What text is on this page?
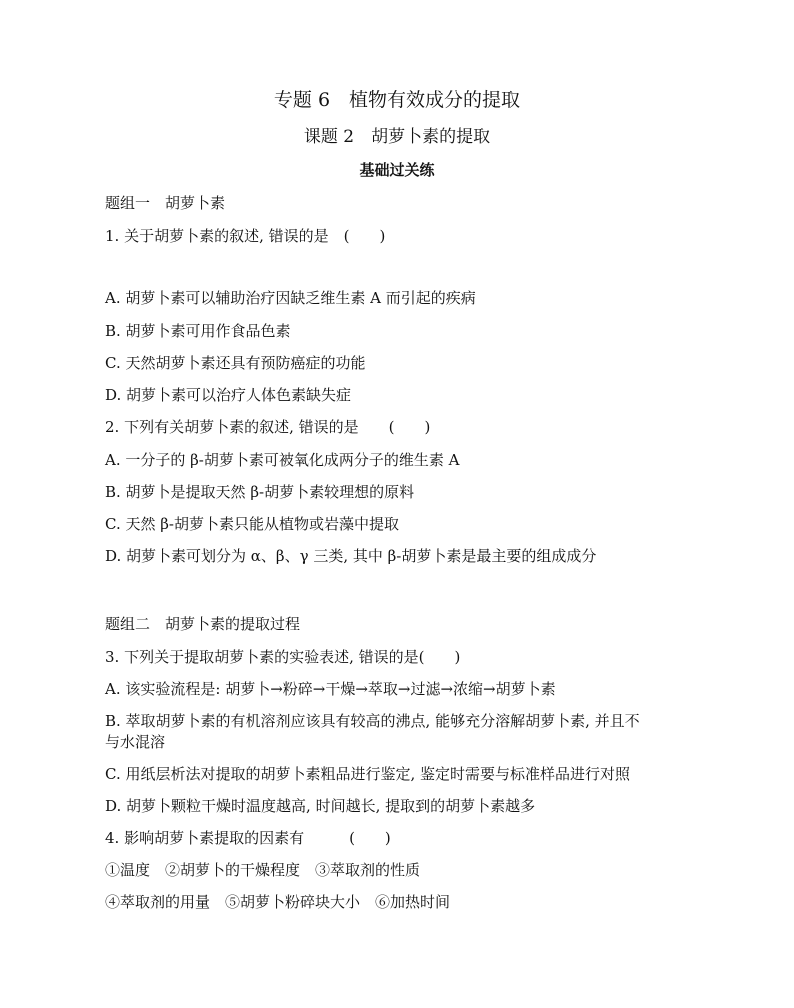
专题 6　植物有效成分的提取
课题 2　胡萝卜素的提取
基础过关练
题组一　胡萝卜素
1. 关于胡萝卜素的叙述, 错误的是　(　　)
A. 胡萝卜素可以辅助治疗因缺乏维生素 A 而引起的疾病
B. 胡萝卜素可用作食品色素
C. 天然胡萝卜素还具有预防癌症的功能
D. 胡萝卜素可以治疗人体色素缺失症
2. 下列有关胡萝卜素的叙述, 错误的是　　(　　)
A. 一分子的 β-胡萝卜素可被氧化成两分子的维生素 A
B. 胡萝卜是提取天然 β-胡萝卜素较理想的原料
C. 天然 β-胡萝卜素只能从植物或岩藻中提取
D. 胡萝卜素可划分为 α、β、γ 三类, 其中 β-胡萝卜素是最主要的组成成分
题组二　胡萝卜素的提取过程
3. 下列关于提取胡萝卜素的实验表述, 错误的是(　　)
A. 该实验流程是: 胡萝卜→粉碎→干燥→萃取→过滤→浓缩→胡萝卜素
B. 萃取胡萝卜素的有机溶剂应该具有较高的沸点, 能够充分溶解胡萝卜素, 并且不
与水混溶
C. 用纸层析法对提取的胡萝卜素粗品进行鉴定, 鉴定时需要与标准样品进行对照
D. 胡萝卜颗粒干燥时温度越高, 时间越长, 提取到的胡萝卜素越多
4. 影响胡萝卜素提取的因素有　　　(　　)
①温度　②胡萝卜的干燥程度　③萃取剂的性质
④萃取剂的用量　⑤胡萝卜粉碎块大小　⑥加热时间
